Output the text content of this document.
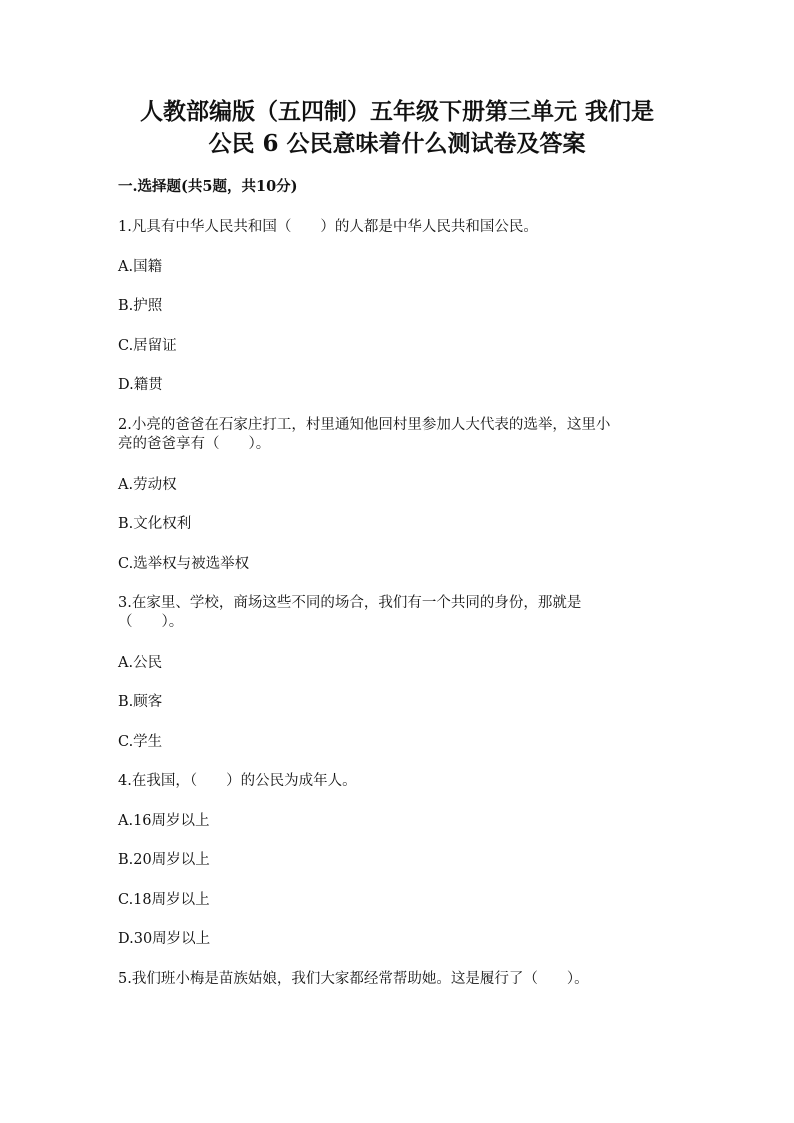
人教部编版（五四制）五年级下册第三单元 我们是
公民 6 公民意味着什么测试卷及答案
一.选择题(共5题，共10分)
1.凡具有中华人民共和国（　　）的人都是中华人民共和国公民。
A.国籍
B.护照
C.居留证
D.籍贯
2.小亮的爸爸在石家庄打工，村里通知他回村里参加人大代表的选举，这里小
亮的爸爸享有（　　）。
A.劳动权
B.文化权利
C.选举权与被选举权
3.在家里、学校，商场这些不同的场合，我们有一个共同的身份，那就是
（　　）。
A.公民
B.顾客
C.学生
4.在我国，（　　）的公民为成年人。
A.16周岁以上
B.20周岁以上
C.18周岁以上
D.30周岁以上
5.我们班小梅是苗族姑娘，我们大家都经常帮助她。这是履行了（　　）。
